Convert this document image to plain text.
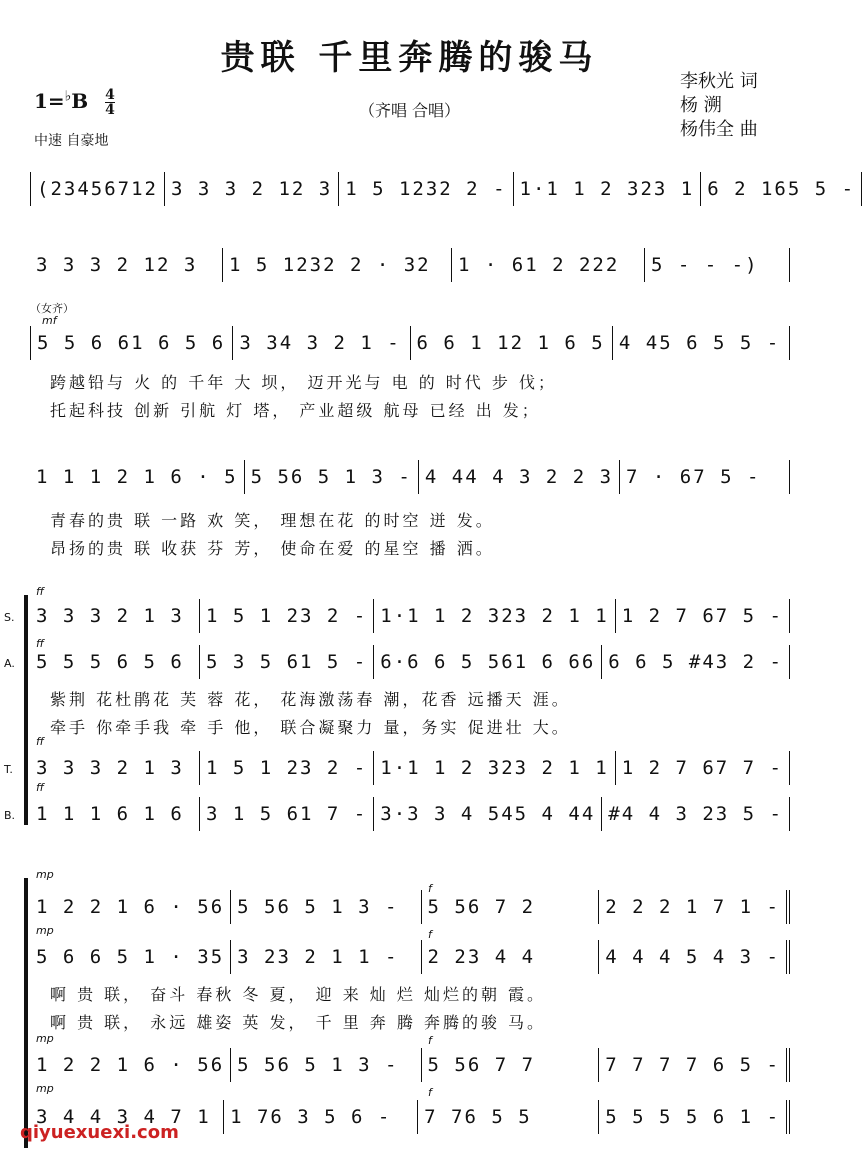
贵联 千里奔腾的骏马
（齐唱 合唱）
$1=^♭B \frac{4}{4}$
中速 自豪地
李秋光 词
杨 溯
杨伟全 曲
(23456712 3 3 3 2 12 3 1 5 1232 2 - 1·1 1 2 323 1 6 2 165 5 -
3 3 3 2 12 3	1 5 1232 2 · 32	1 · 61 2 222	5 - - -)
（女齐）
mf
5 5 6 61 6 5 6 3 34 3 2 1 - 6 6 1 12 1 6 5 4 45 6 5 5 -
跨越铅与 火 的 千年 大 坝， 迈开光与 电 的 时代 步 伐；
托起科技 创新 引航 灯 塔， 产业超级 航母 已经 出 发；
1 1 1 2 1 6 · 5 5 56 5 1 3 - 4 44 4 3 2 2 3 7 · 67 5 -
青春的贵 联 一路 欢 笑， 理想在花 的时空 迸 发。
昂扬的贵 联 收获 芬 芳， 使命在爱 的星空 播 洒。
ff
S.	3 3 3 2 1 3	1 5 1 23 2 - 1·1 1 2 323 2 1 1 1 2 7 67 5 -
ff
A.	5 5 5 6 5 6	5 3 5 61 5 - 6·6 6 5 561 6 66 6 6 5 #43 2 -
紫荆 花杜鹃花 芙 蓉 花， 花海激荡春 潮，花香 远播天 涯。
牵手 你牵手我 牵 手 他， 联合凝聚力 量，务实 促进壮 大。
ff
T.	3 3 3 2 1 3	1 5 1 23 2 - 1·1 1 2 323 2 1 1 1 2 7 67 7 -
ff
B.	1 1 1 6 1 6	3 1 5 61 7 - 3·3 3 4 545 4 44 #4 4 3 23 5 -
mp
f
1 2 2 1 6 · 56 5 56 5 1 3 -	5 56 7 2	2 2 2 1 7 1 -
mp	f
5 6 6 5 1 · 35 3 23 2 1 1 -	2 23 4 4	4 4 4 5 4 3 -
啊 贵 联， 奋斗 春秋 冬 夏， 迎 来 灿 烂 灿烂的朝 霞。
啊 贵 联， 永远 雄姿 英 发， 千 里 奔 腾 奔腾的骏 马。
mp	f
1 2 2 1 6 · 56 5 56 5 1 3 -	5 56 7 7	7 7 7 7 6 5 -
mp	f
3 4 4 3 4 7 1	1 76 3 5 6 -	7 76 5 5	5 5 5 5 6 1 -
qiyuexuexi.com
